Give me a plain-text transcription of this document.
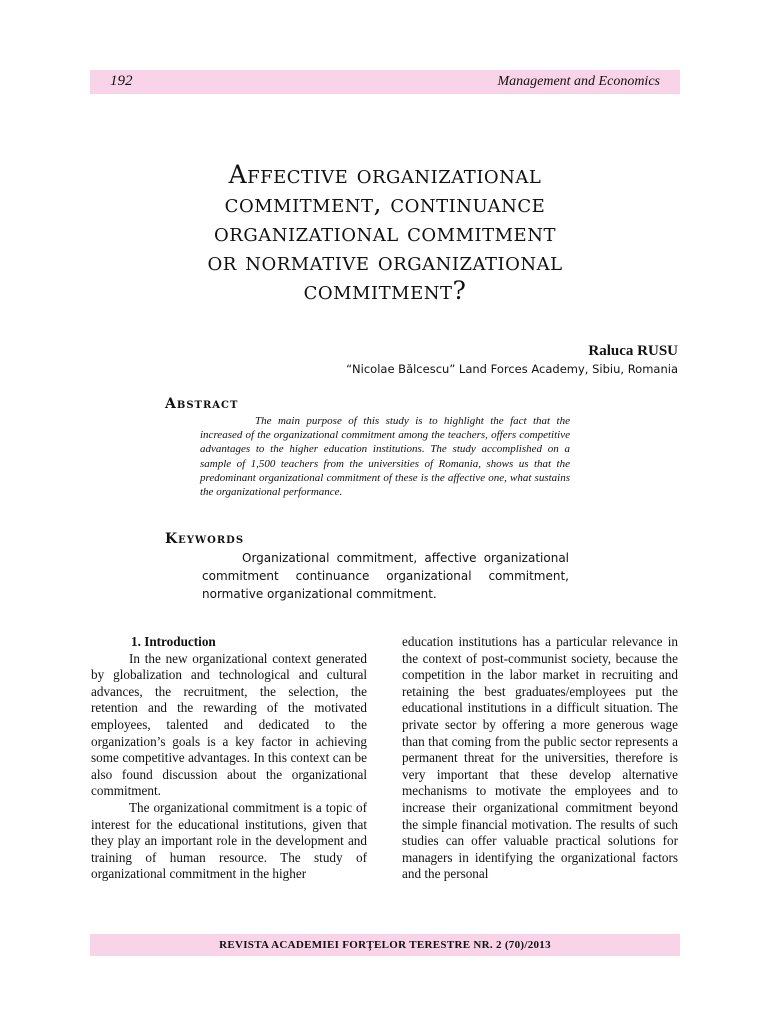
192	Management and Economics
Affective organizational
commitment, continuance
organizational commitment
or normative organizational
commitment?
Raluca RUSU
“Nicolae Bălcescu” Land Forces Academy, Sibiu, Romania
Abstract

The main purpose of this study is to highlight the fact that the increased of the organizational commitment among the teachers, offers competitive advantages to the higher education institutions. The study accomplished on a sample of 1,500 teachers from the universities of Romania, shows us that the predominant organizational commitment of these is the affective one, what sustains the organizational performance.

Keywords

Organizational commitment, affective organizational commitment continuance organizational commitment, normative organizational commitment.

1. Introduction

In the new organizational context generated by globalization and technological and cultural advances, the recruitment, the selection, the retention and the rewarding of the motivated employees, talented and dedicated to the organization’s goals is a key factor in achieving some competitive advantages. In this context can be also found discussion about the organizational commitment.

The organizational commitment is a topic of interest for the educational institutions, given that they play an important role in the development and training of human resource. The study of organizational commitment in the higher

education institutions has a particular relevance in the context of post-communist society, because the competition in the labor market in recruiting and retaining the best graduates/employees put the educational institutions in a difficult situation. The private sector by offering a more generous wage than that coming from the public sector represents a permanent threat for the universities, therefore is very important that these develop alternative mechanisms to motivate the employees and to increase their organizational commitment beyond the simple financial motivation. The results of such studies can offer valuable practical solutions for managers in identifying the organizational factors and the personal

REVISTA ACADEMIEI FORȚELOR TERESTRE NR. 2 (70)/2013
